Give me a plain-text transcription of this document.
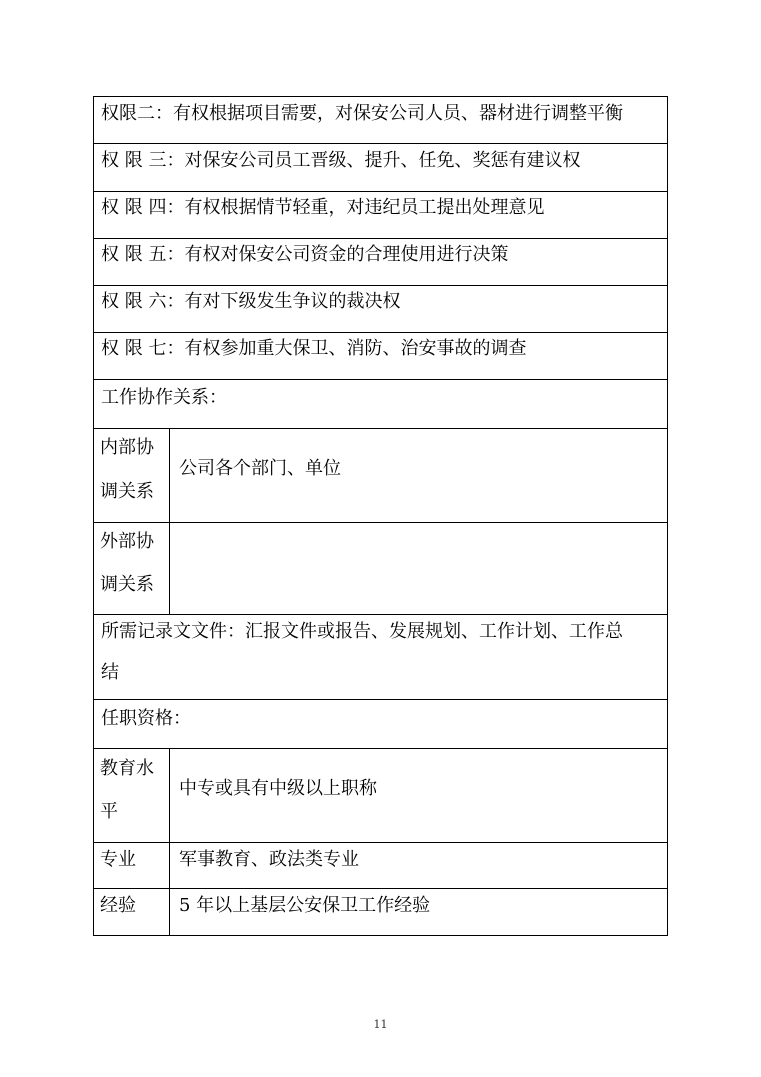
权限二：有权根据项目需要，对保安公司人员、器材进行调整平衡
权 限 三：对保安公司员工晋级、提升、任免、奖惩有建议权
权 限 四：有权根据情节轻重，对违纪员工提出处理意见
权 限 五：有权对保安公司资金的合理使用进行决策
权 限 六：有对下级发生争议的裁决权
权 限 七：有权参加重大保卫、消防、治安事故的调查
工作协作关系：
内部协
调关系
公司各个部门、单位
外部协
调关系
所需记录文文件：汇报文件或报告、发展规划、工作计划、工作总
结
任职资格：
教育水
平
中专或具有中级以上职称
专业 军事教育、政法类专业
经验 5 年以上基层公安保卫工作经验
11
